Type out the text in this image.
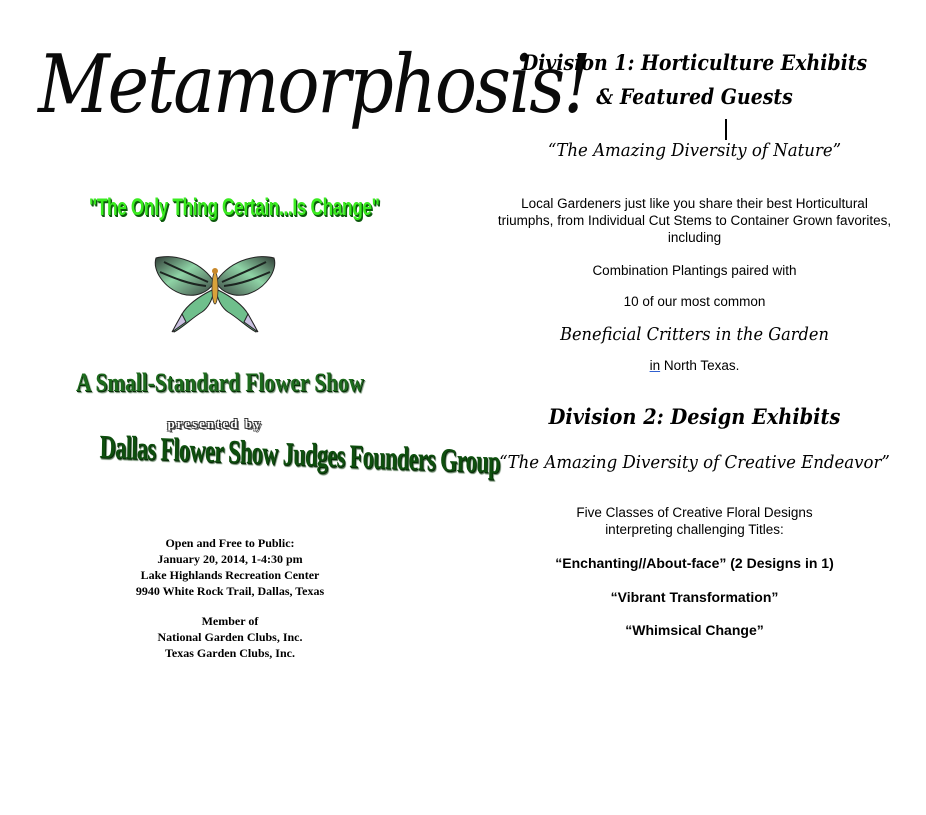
Metamorphosis!
"The Only Thing Certain...Is Change"
A Small-Standard Flower Show
presented by
Dallas Flower Show Judges Founders Group
Open and Free to Public:
January 20, 2014, 1-4:30 pm
Lake Highlands Recreation Center
9940 White Rock Trail, Dallas, Texas
Member of
National Garden Clubs, Inc.
Texas Garden Clubs, Inc.
Division 1: Horticulture Exhibits
& Featured Guests
“The Amazing Diversity of Nature”
Local Gardeners just like you share their best Horticultural triumphs, from Individual Cut Stems to Container Grown favorites, including
Combination Plantings paired with
10 of our most common
Beneficial Critters in the Garden
in North Texas.
Division 2: Design Exhibits
“The Amazing Diversity of Creative Endeavor”
Five Classes of Creative Floral Designs interpreting challenging Titles:
“Enchanting//About-face” (2 Designs in 1)
“Vibrant Transformation”
“Whimsical Change”
